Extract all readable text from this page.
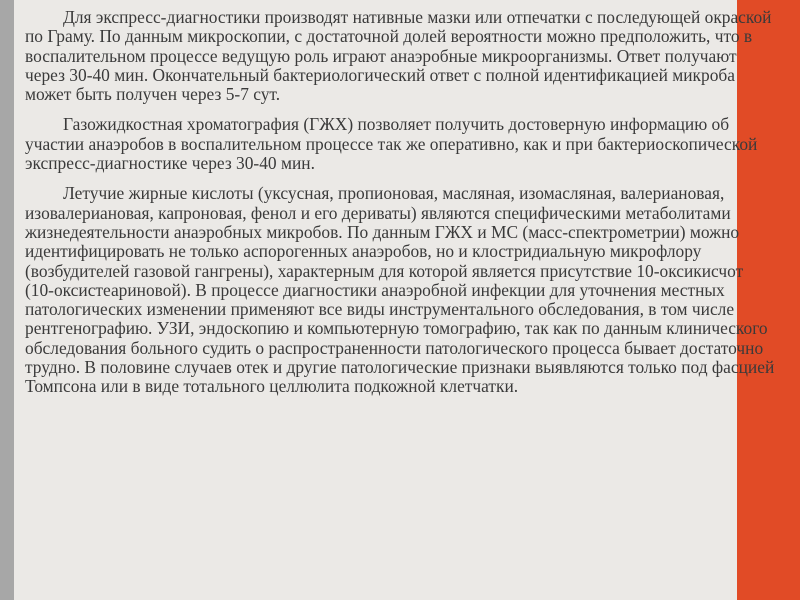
Для экспресс-диагностики производят нативные мазки или отпечатки с последующей окраской по Граму. По данным микроскопии, с достаточной долей вероятности можно предположить, что в воспалительном процессе ведущую роль играют анаэробные микроорганизмы. Ответ получают через 30-40 мин. Окончательный бактериологический ответ с полной идентификацией микроба может быть получен через 5-7 сут.

Газожидкостная хроматография (ГЖХ) позволяет получить достоверную информацию об участии анаэробов в воспалительном процессе так же оперативно, как и при бактериоскопической экспресс-диагностике через 30-40 мин.

Летучие жирные кислоты (уксусная, пропионовая, масляная, изомасляная, валериановая, изовалериановая, капроновая, фенол и его дериваты) являются специфическими метаболитами жизнедеятельности анаэробных микробов. По данным ГЖХ и МС (масс-спектрометрии) можно идентифицировать не только аспорогенных анаэробов, но и клостридиальную микрофлору (возбудителей газовой гангрены), характерным для которой является присутствие 10-оксикисчот (10-оксистеариновой). В процессе диагностики анаэробной инфекции для уточнения местных патологических изменении применяют все виды инструментального обследования, в том числе рентгенографию. УЗИ, эндоскопию и компьютерную томографию, так как по данным клинического обследования больного судить о распространенности патологического процесса бывает достаточно трудно. В половине случаев отек и другие патологические признаки выявляются только под фасцией Томпсона или в виде тотального целлюлита подкожной клетчатки.
